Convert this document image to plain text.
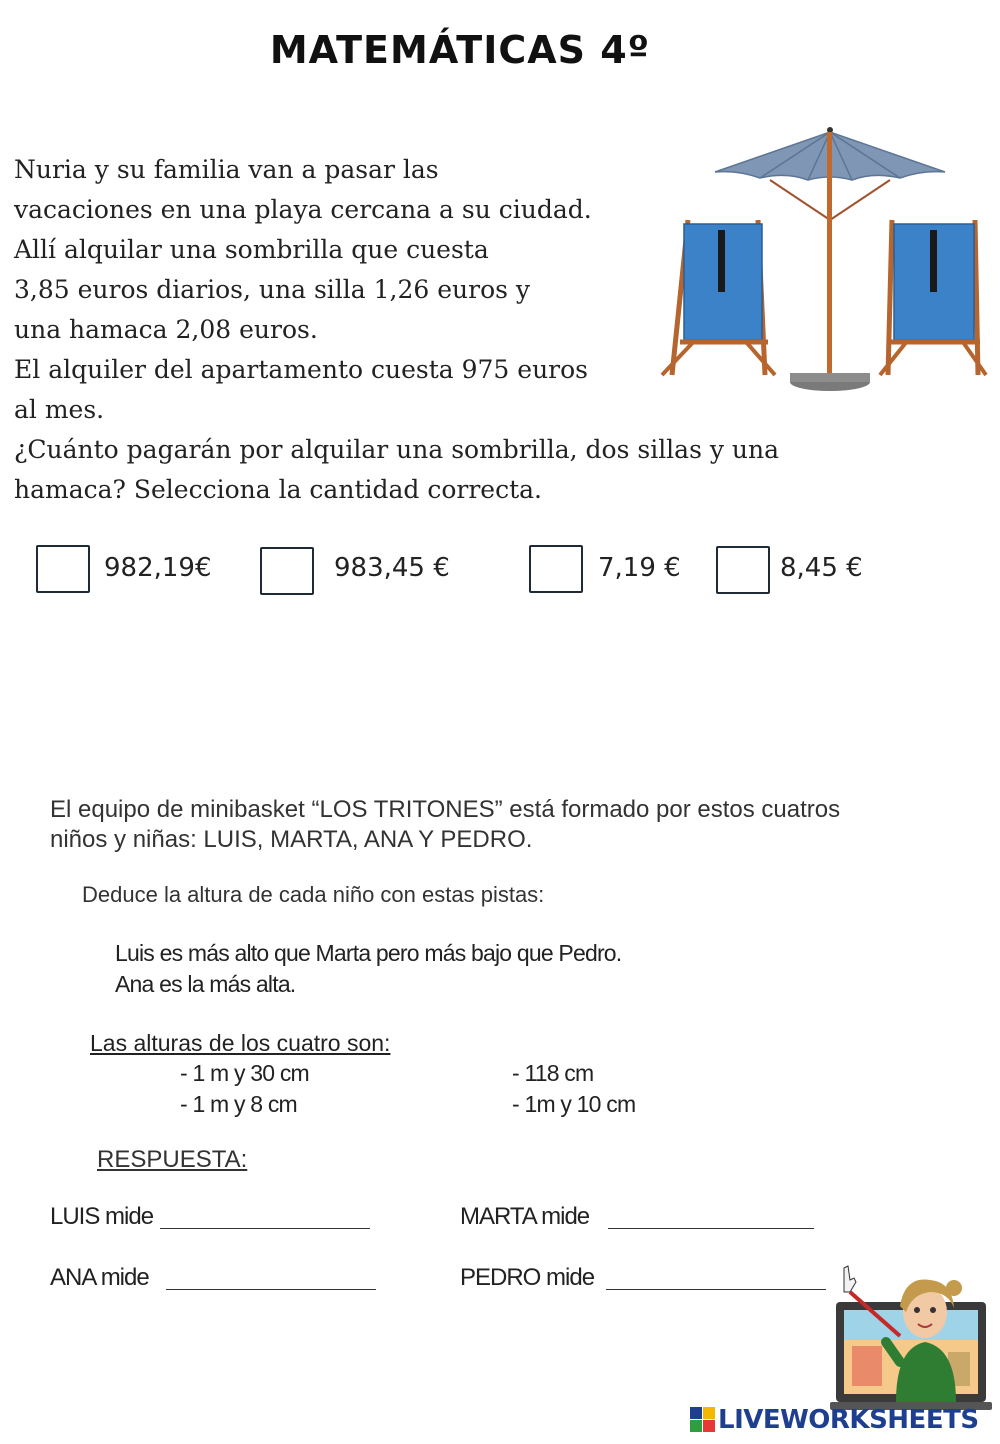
MATEMÁTICAS 4º
Nuria y su familia van a pasar las
vacaciones en una playa cercana a su ciudad.
Allí alquilar una sombrilla que cuesta
3,85 euros diarios, una silla 1,26 euros y
una hamaca 2,08 euros.
El alquiler del apartamento cuesta 975 euros
al mes.
¿Cuánto pagarán por alquilar una sombrilla, dos sillas y una
hamaca? Selecciona la cantidad correcta.
982,19€	983,45 €	7,19 €	8,45 €
El equipo de minibasket “LOS TRITONES” está formado por estos cuatros
niños y niñas: LUIS, MARTA, ANA Y PEDRO.
Deduce la altura de cada niño con estas pistas:
Luis es más alto que Marta pero más bajo que Pedro.
Ana es la más alta.
Las alturas de los cuatro son:
- 1 m y 30 cm
- 1 m y 8 cm
- 118 cm
- 1m y 10 cm
RESPUESTA:
LUIS mide	MARTA mide
ANA mide	PEDRO mide
LIVEWORKSHEETS
